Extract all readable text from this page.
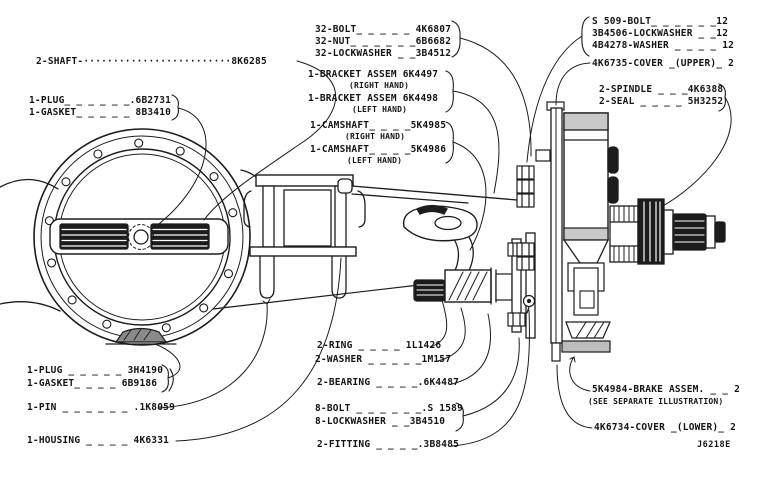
2-SHAFT-·························8K6285
1-PLUG_ _ _ _ _ _.6B2731
1-GASKET_ _ _ _ _ 8B3410
32-BOLT_ _ _ _ _ 4K6807
32-NUT_ _ _ _ _ _6B6682
32-LOCKWASHER _ _3B4512
1-BRACKET ASSEM 6K4497
(RIGHT HAND)
1-BRACKET ASSEM 6K4498
(LEFT HAND)
1-CAMSHAFT_ _ _ _5K4985
(RIGHT HAND)
1-CAMSHAFT_ _ _ _5K4986
(LEFT HAND)
S 509-BOLT_ _ _ _ _ _12
3B4506-LOCKWASHER _ _12
4B4278-WASHER _ _ _ _ 12
4K6735-COVER _(UPPER)_ 2
2-SPINDLE _ _ _4K6388
2-SEAL _ _ _ _ 5H3252
1-PLUG _ _ _ _ _ 3H4190
1-GASKET_ _ _ _ 6B9186
1-PIN _ _ _ _ _ _ .1K8059
1-HOUSING _ _ _ _ 4K6331
2-RING _ _ _ _ 1L1426
2-WASHER _ _ _ _ _1M157
2-BEARING _ _ _ _.6K4487
8-BOLT _ _ _ _ _ _.S 1589
8-LOCKWASHER _ _3B4510
2-FITTING _ _ _ _.3B8485
5K4984-BRAKE ASSEM. _ _ 2
(SEE SEPARATE ILLUSTRATION)
4K6734-COVER _(LOWER)_ 2
J6218E
